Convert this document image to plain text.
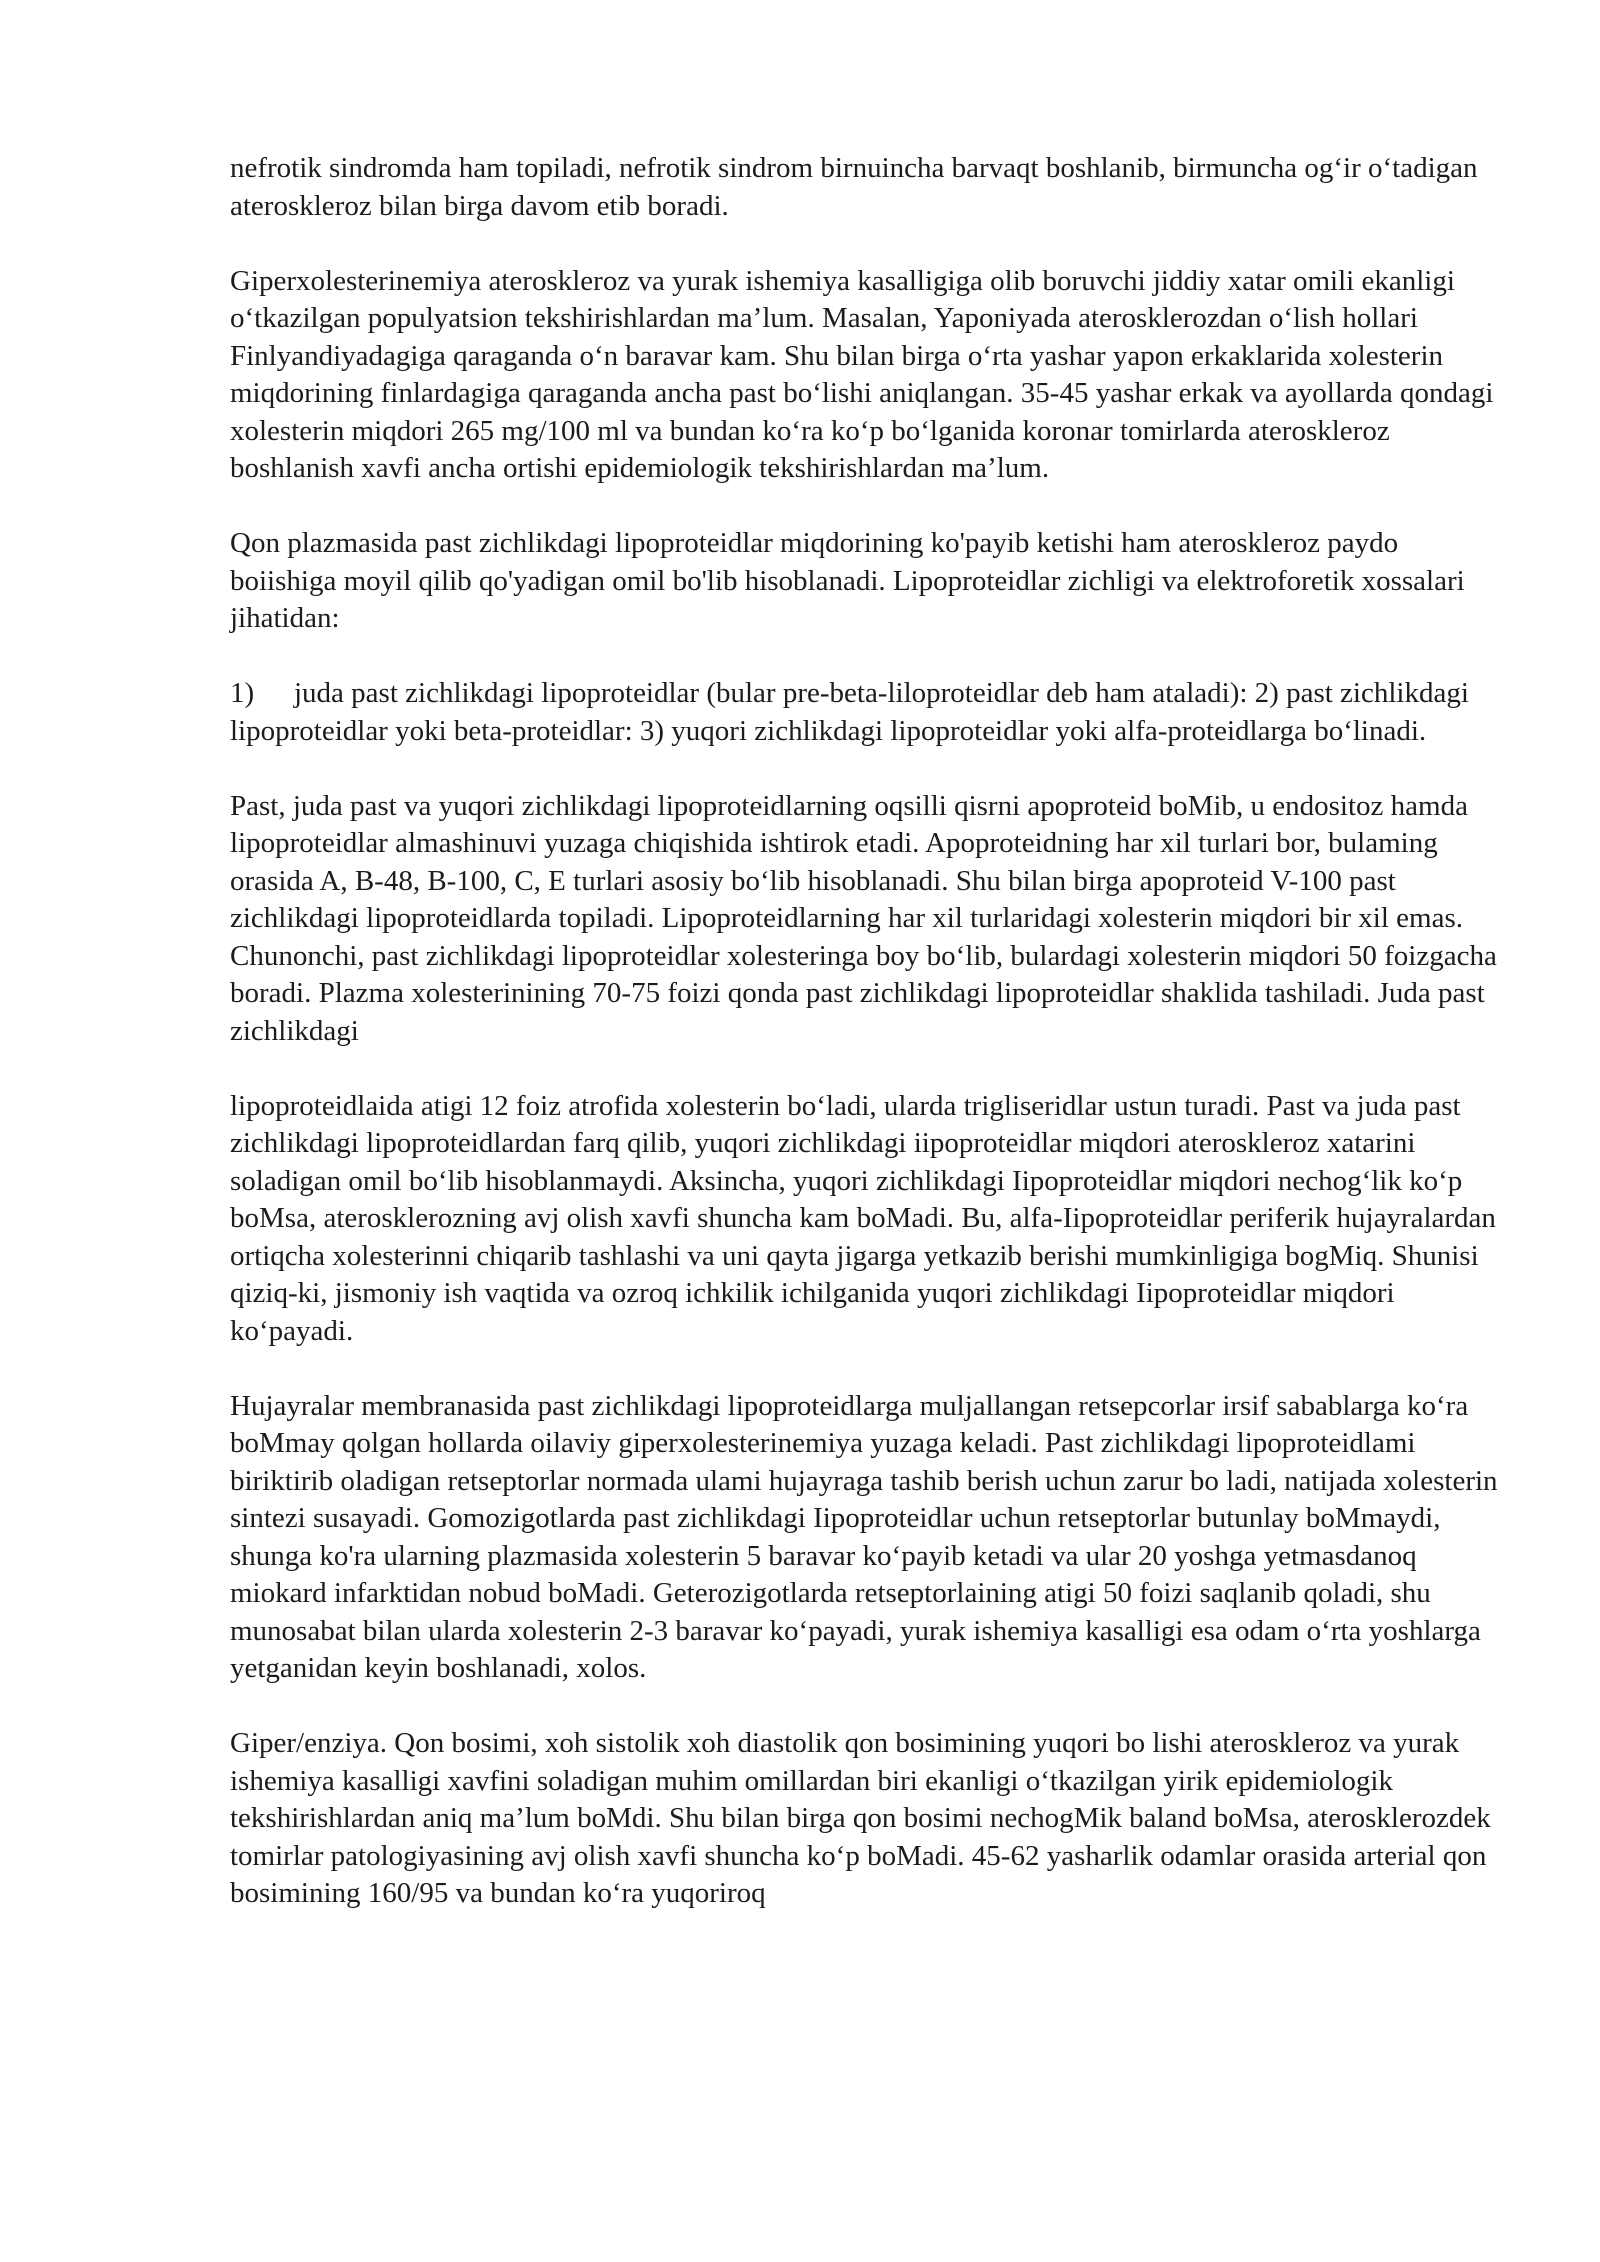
nefrotik sindromda ham topiladi, nefrotik sindrom birnuincha barvaqt boshlanib, birmuncha og‘ir o‘tadigan ateroskleroz bilan birga davom etib boradi.

Giperxolesterinemiya ateroskleroz va yurak ishemiya kasalligiga olib boruvchi jiddiy xatar omili ekanligi o‘tkazilgan populyatsion tekshirishlardan ma’lum. Masalan, Yaponiyada aterosklerozdan o‘lish hollari Finlyandiyadagiga qaraganda o‘n baravar kam. Shu bilan birga o‘rta yashar yapon erkaklarida xolesterin miqdorining finlardagiga qaraganda ancha past bo‘lishi aniqlangan. 35-45 yashar erkak va ayollarda qondagi xolesterin miqdori 265 mg/100 ml va bundan ko‘ra ko‘p bo‘lganida koronar tomirlarda ateroskleroz boshlanish xavfi ancha ortishi epidemiologik tekshirishlardan ma’lum.

Qon plazmasida past zichlikdagi lipoproteidlar miqdorining ko'payib ketishi ham ateroskleroz paydo boiishiga moyil qilib qo'yadigan omil bo'lib hisoblanadi. Lipoproteidlar zichligi va elektroforetik xossalari jihatidan:

1) juda past zichlikdagi lipoproteidlar (bular pre-beta-liloproteidlar deb ham ataladi): 2) past zichlikdagi lipoproteidlar yoki beta-proteidlar: 3) yuqori zichlikdagi lipoproteidlar yoki alfa-proteidlarga bo‘linadi.

Past, juda past va yuqori zichlikdagi lipoproteidlarning oqsilli qisrni apoproteid boMib, u endositoz hamda lipoproteidlar almashinuvi yuzaga chiqishida ishtirok etadi. Apoproteidning har xil turlari bor, bulaming orasida A, B-48, B-100, C, E turlari asosiy bo‘lib hisoblanadi. Shu bilan birga apoproteid V-100 past zichlikdagi lipoproteidlarda topiladi. Lipoproteidlarning har xil turlaridagi xolesterin miqdori bir xil emas. Chunonchi, past zichlikdagi lipoproteidlar xolesteringa boy bo‘lib, bulardagi xolesterin miqdori 50 foizgacha boradi. Plazma xolesterinining 70-75 foizi qonda past zichlikdagi lipoproteidlar shaklida tashiladi. Juda past zichlikdagi

lipoproteidlaida atigi 12 foiz atrofida xolesterin bo‘ladi, ularda trigliseridlar ustun turadi. Past va juda past zichlikdagi lipoproteidlardan farq qilib, yuqori zichlikdagi iipoproteidlar miqdori ateroskleroz xatarini soladigan omil bo‘lib hisoblanmaydi. Aksincha, yuqori zichlikdagi Iipoproteidlar miqdori nechog‘lik ko‘p boMsa, aterosklerozning avj olish xavfi shuncha kam boMadi. Bu, alfa-Iipoproteidlar periferik hujayralardan ortiqcha xolesterinni chiqarib tashlashi va uni qayta jigarga yetkazib berishi mumkinligiga bogMiq. Shunisi qiziq-ki, jismoniy ish vaqtida va ozroq ichkilik ichilganida yuqori zichlikdagi Iipoproteidlar miqdori ko‘payadi.

Hujayralar membranasida past zichlikdagi lipoproteidlarga muljallangan retsepcorlar irsif sabablarga ko‘ra boMmay qolgan hollarda oilaviy giperxolesterinemiya yuzaga keladi. Past zichlikdagi lipoproteidlami biriktirib oladigan retseptorlar normada ulami hujayraga tashib berish uchun zarur bo ladi, natijada xolesterin sintezi susayadi. Gomozigotlarda past zichlikdagi Iipoproteidlar uchun retseptorlar butunlay boMmaydi, shunga ko'ra ularning plazmasida xolesterin 5 baravar ko‘payib ketadi va ular 20 yoshga yetmasdanoq miokard infarktidan nobud boMadi. Geterozigotlarda retseptorlaining atigi 50 foizi saqlanib qoladi, shu munosabat bilan ularda xolesterin 2-3 baravar ko‘payadi, yurak ishemiya kasalligi esa odam o‘rta yoshlarga yetganidan keyin boshlanadi, xolos.

Giper/enziya. Qon bosimi, xoh sistolik xoh diastolik qon bosimining yuqori bo lishi ateroskleroz va yurak ishemiya kasalligi xavfini soladigan muhim omillardan biri ekanligi o‘tkazilgan yirik epidemiologik tekshirishlardan aniq ma’lum boMdi. Shu bilan birga qon bosimi nechogMik baland boMsa, aterosklerozdek tomirlar patologiyasining avj olish xavfi shuncha ko‘p boMadi. 45-62 yasharlik odamlar orasida arterial qon bosimining 160/95 va bundan ko‘ra yuqoriroq
